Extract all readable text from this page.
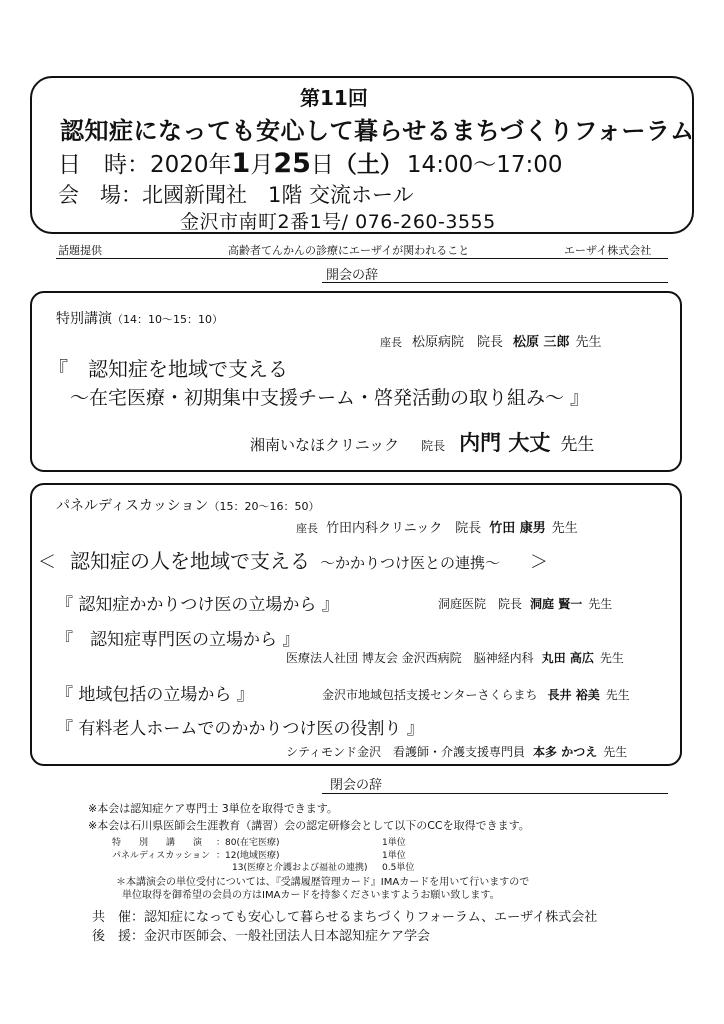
第11回
認知症になっても安心して暮らせるまちづくりフォーラム
日　時：2020年1月25日（土） 14:00〜17:00
会　場：北國新聞社　1階 交流ホール
金沢市南町2番1号/ 076-260-3555
話題提供	高齢者てんかんの診療にエーザイが関われること	エーザイ株式会社
開会の辞
特別講演（14：10〜15：10）
座長 松原病院　院長 松原 三郎 先生
『　認知症を地域で支える
〜在宅医療・初期集中支援チーム・啓発活動の取り組み〜 』
湘南いなほクリニック 院長 内門 大丈 先生
パネルディスカッション（15：20〜16：50）
座長 竹田内科クリニック　院長 竹田 康男 先生
＜ 認知症の人を地域で支える 〜かかりつけ医との連携〜 ＞
『 認知症かかりつけ医の立場から 』	洞庭医院　院長 洞庭 賢一 先生
『　認知症専門医の立場から 』
医療法人社団 博友会 金沢西病院　脳神経内科 丸田 高広 先生
『 地域包括の立場から 』	金沢市地域包括支援センターさくらまち 長井 裕美 先生
『 有料老人ホームでのかかりつけ医の役割り 』
シティモンド金沢　看護師・介護支援専門員 本多 かつえ 先生
閉会の辞
※本会は認知症ケア専門士 3単位を取得できます。
※本会は石川県医師会生涯教育（講習）会の認定研修会として以下のCCを取得できます。
特　　別　　講　　演 ：80(在宅医療)	1単位
パネルディスカッション ：12(地域医療)	1単位
13(医療と介護および福祉の連携) 0.5単位
＊本講演会の単位受付については、『受講履歴管理カード』IMAカードを用いて行いますので
単位取得を御希望の会員の方はIMAカードを持参くださいますようお願い致します。
共　催：認知症になっても安心して暮らせるまちづくりフォーラム、エーザイ株式会社
後　援：金沢市医師会、一般社団法人日本認知症ケア学会
